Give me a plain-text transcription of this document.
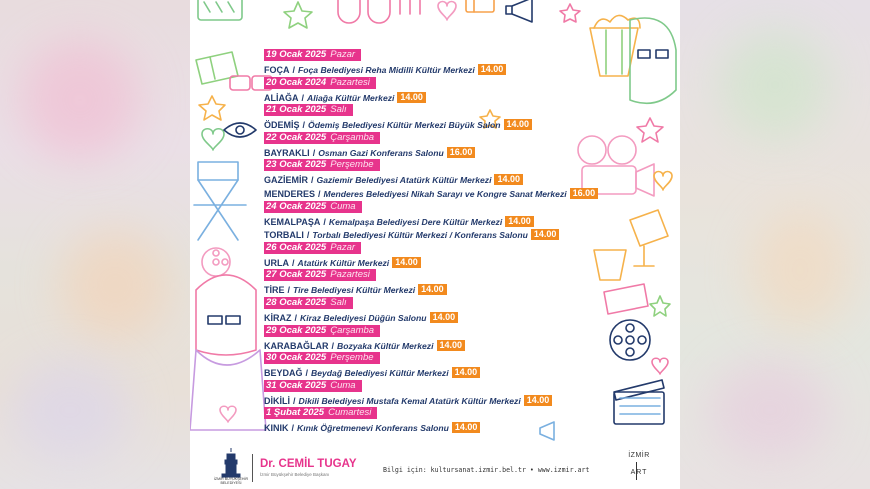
19 Ocak 2025 Pazar
FOÇA / Foça Belediyesi Reha Midilli Kültür Merkezi 14.00
20 Ocak 2024 Pazartesi
ALİAĞA / Aliağa Kültür Merkezi 14.00
21 Ocak 2025 Salı
ÖDEMİŞ / Ödemiş Belediyesi Kültür Merkezi Büyük Salon 14.00
22 Ocak 2025 Çarşamba
BAYRAKLI / Osman Gazi Konferans Salonu 16.00
23 Ocak 2025 Perşembe
GAZİEMİR / Gaziemir Belediyesi Atatürk Kültür Merkezi 14.00
MENDERES / Menderes Belediyesi Nikah Sarayı ve Kongre Sanat Merkezi 16.00
24 Ocak 2025 Cuma
KEMALPAŞA / Kemalpaşa Belediyesi Dere Kültür Merkezi 14.00
TORBALI / Torbalı Belediyesi Kültür Merkezi / Konferans Salonu 14.00
26 Ocak 2025 Pazar
URLA / Atatürk Kültür Merkezi 14.00
27 Ocak 2025 Pazartesi
TİRE / Tire Belediyesi Kültür Merkezi 14.00
28 Ocak 2025 Salı
KİRAZ / Kiraz Belediyesi Düğün Salonu 14.00
29 Ocak 2025 Çarşamba
KARABAĞLAR / Bozyaka Kültür Merkezi 14.00
30 Ocak 2025 Perşembe
BEYDAĞ / Beydağ Belediyesi Kültür Merkezi 14.00
31 Ocak 2025 Cuma
DİKİLİ / Dikili Belediyesi Mustafa Kemal Atatürk Kültür Merkezi 14.00
1 Şubat 2025 Cumartesi
KINIK / Kınık Öğretmenevi Konferans Salonu 14.00
İZMİR BÜYÜKŞEHİR BELEDİYESİ
Dr. CEMİL TUGAY
İzmir Büyükşehir Belediye Başkanı
Bilgi için: kultursanat.izmir.bel.tr • www.izmir.art
İZMİR
ART
